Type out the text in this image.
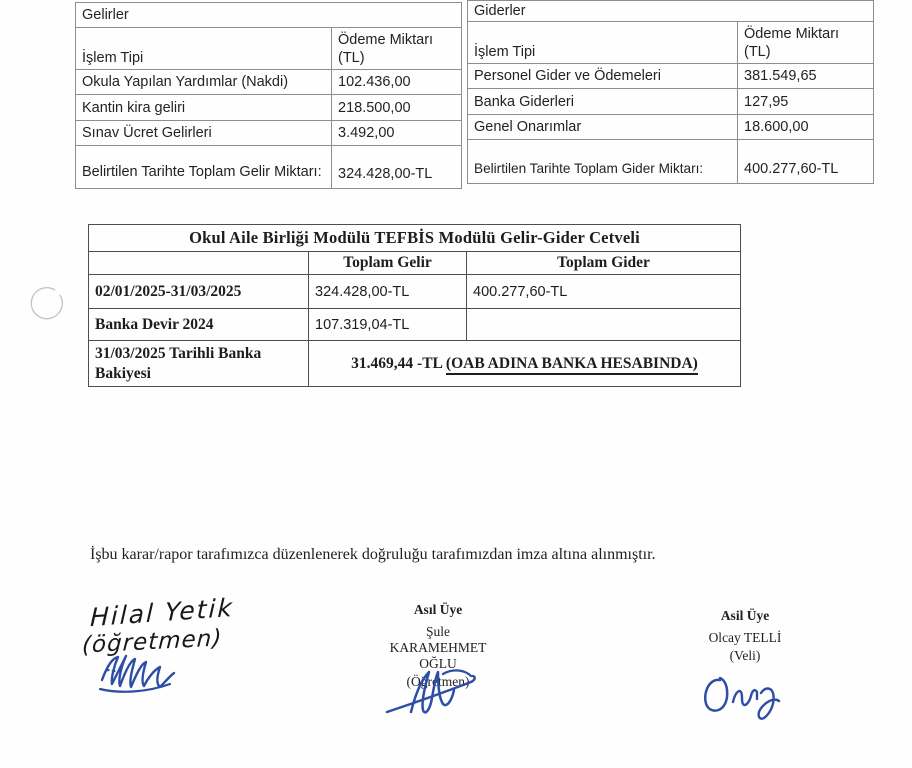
Gelirler	
İşlem Tipi	Ödeme Miktarı (TL)
Okula Yapılan Yardımlar (Nakdi)	102.436,00
Kantin kira geliri	218.500,00
Sınav Ücret Gelirleri	3.492,00
Belirtilen Tarihte Toplam Gelir Miktarı:	324.428,00-TL
Giderler	
İşlem Tipi	Ödeme Miktarı (TL)
Personel Gider ve Ödemeleri	381.549,65
Banka Giderleri	127,95
Genel Onarımlar	18.600,00
Belirtilen Tarihte Toplam Gider Miktarı:	400.277,60-TL
Okul Aile Birliği Modülü TEFBİS Modülü Gelir-Gider Cetveli		
	Toplam Gelir	Toplam Gider
02/01/2025-31/03/2025	324.428,00-TL	400.277,60-TL
Banka Devir 2024	107.319,04-TL	
31/03/2025 Tarihli Banka Bakiyesi	31.469,44 -TL (OAB ADINA BANKA HESABINDA)	
İşbu karar/rapor tarafımızca düzenlenerek doğruluğu tarafımızdan imza altına alınmıştır.
Hilal Yetik
(öğretmen)
Asıl Üye
Şule
KARAMEHMET
OĞLU
(Öğretmen)
Asil Üye
Olcay TELLİ
(Veli)
